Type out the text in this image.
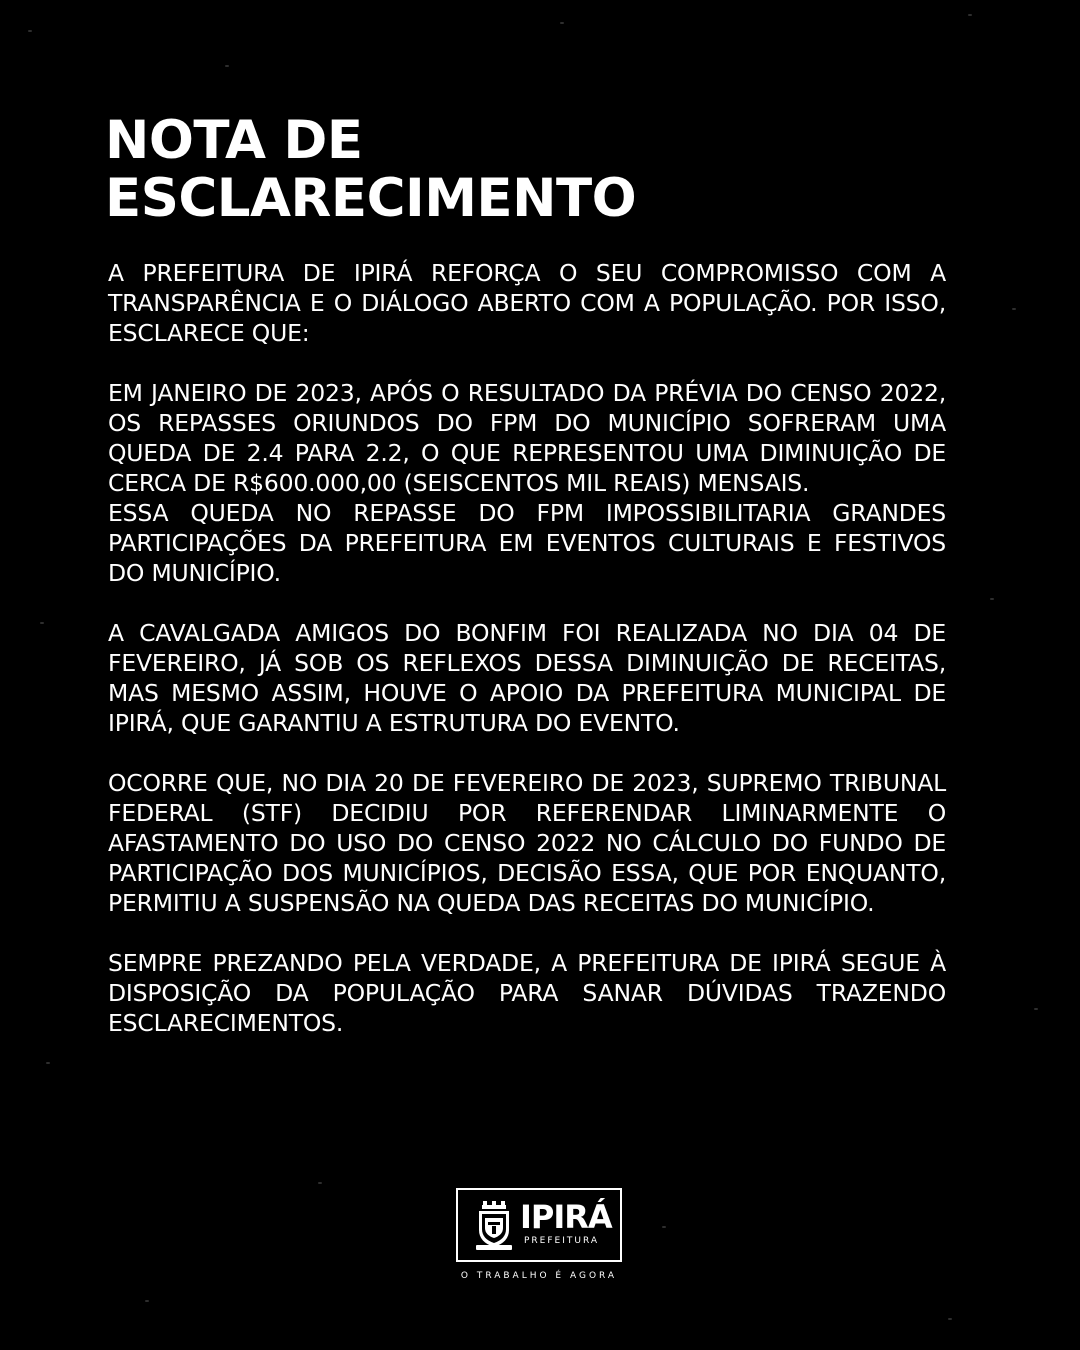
NOTA DE
ESCLARECIMENTO

A PREFEITURA DE IPIRÁ REFORÇA O SEU COMPROMISSO COM A TRANSPARÊNCIA E O DIÁLOGO ABERTO COM A POPULAÇÃO. POR ISSO, ESCLARECE QUE:

EM JANEIRO DE 2023, APÓS O RESULTADO DA PRÉVIA DO CENSO 2022, OS REPASSES ORIUNDOS DO FPM DO MUNICÍPIO SOFRERAM UMA QUEDA DE 2.4 PARA 2.2, O QUE REPRESENTOU UMA DIMINUIÇÃO DE CERCA DE R$600.000,00 (SEISCENTOS MIL REAIS) MENSAIS.

ESSA QUEDA NO REPASSE DO FPM IMPOSSIBILITARIA GRANDES PARTICIPAÇÕES DA PREFEITURA EM EVENTOS CULTURAIS E FESTIVOS DO MUNICÍPIO.

A CAVALGADA AMIGOS DO BONFIM FOI REALIZADA NO DIA 04 DE FEVEREIRO, JÁ SOB OS REFLEXOS DESSA DIMINUIÇÃO DE RECEITAS, MAS MESMO ASSIM, HOUVE O APOIO DA PREFEITURA MUNICIPAL DE IPIRÁ, QUE GARANTIU A ESTRUTURA DO EVENTO.

OCORRE QUE, NO DIA 20 DE FEVEREIRO DE 2023, SUPREMO TRIBUNAL FEDERAL (STF) DECIDIU POR REFERENDAR LIMINARMENTE O AFASTAMENTO DO USO DO CENSO 2022 NO CÁLCULO DO FUNDO DE PARTICIPAÇÃO DOS MUNICÍPIOS, DECISÃO ESSA, QUE POR ENQUANTO, PERMITIU A SUSPENSÃO NA QUEDA DAS RECEITAS DO MUNICÍPIO.

SEMPRE PREZANDO PELA VERDADE, A PREFEITURA DE IPIRÁ SEGUE À DISPOSIÇÃO DA POPULAÇÃO PARA SANAR DÚVIDAS TRAZENDO ESCLARECIMENTOS.

IPIRÁ
PREFEITURA
O TRABALHO É AGORA
